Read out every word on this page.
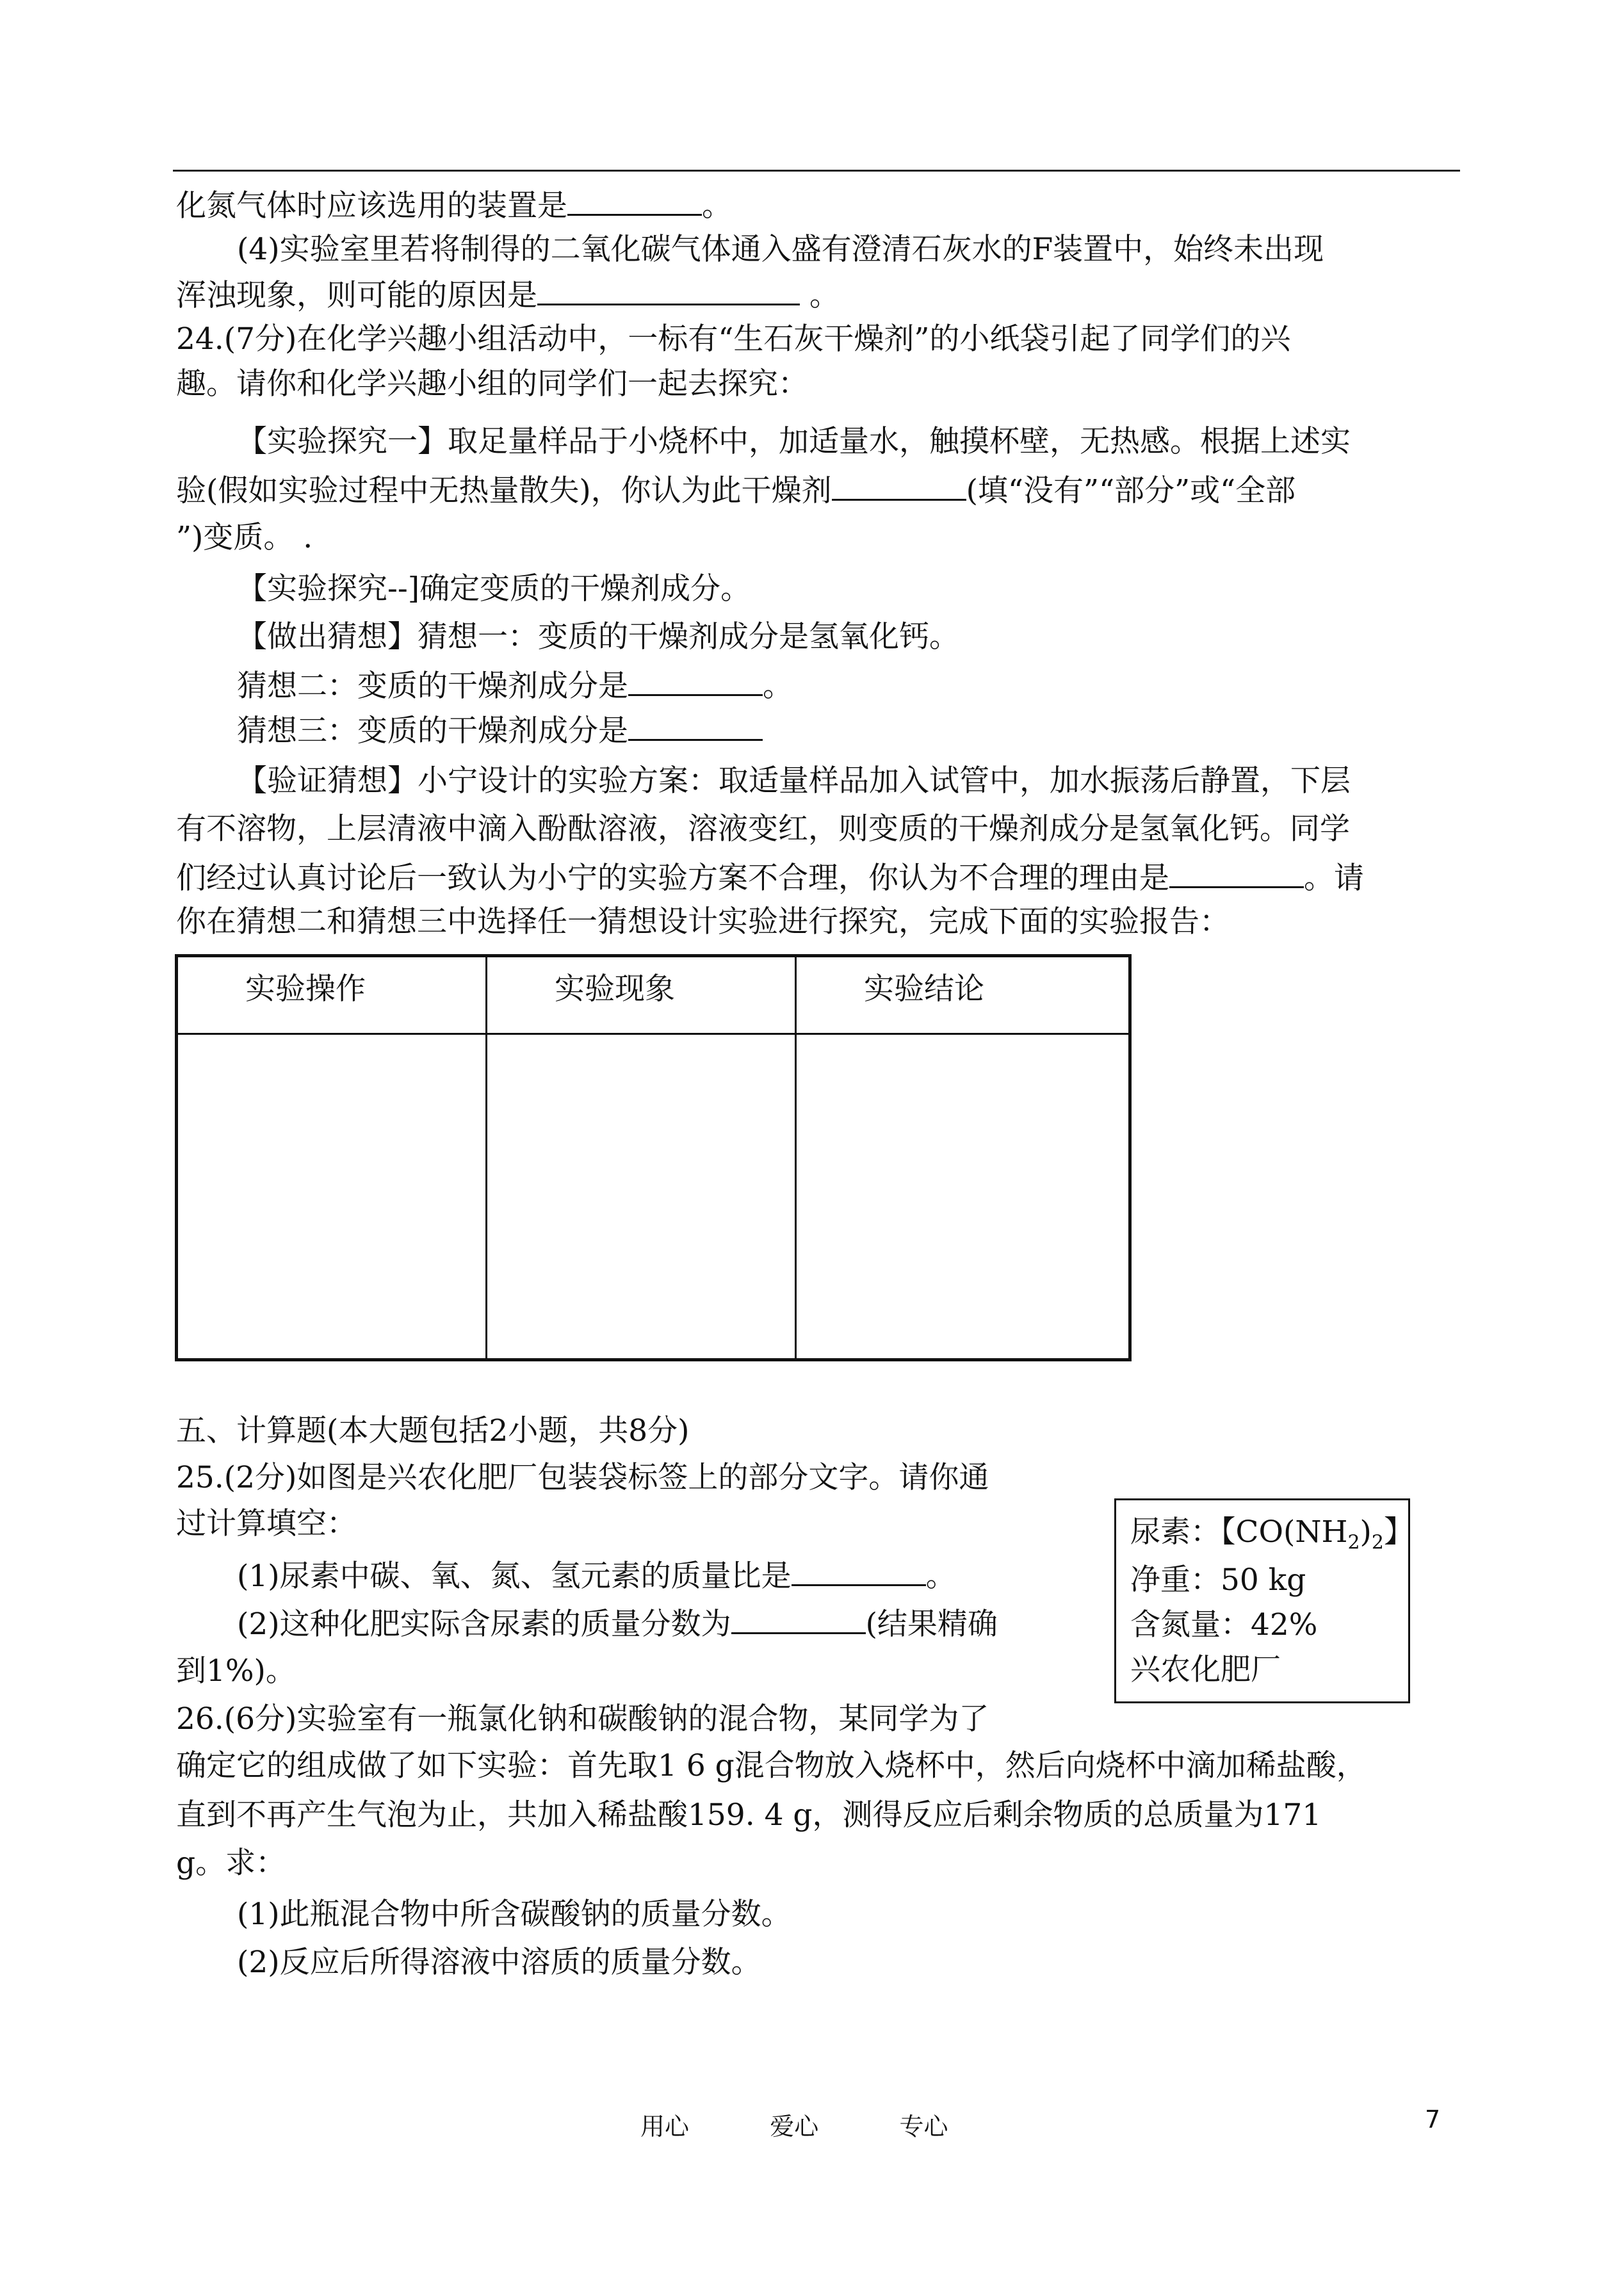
化氮气体时应该选用的装置是	。
(4)实验室里若将制得的二氧化碳气体通入盛有澄清石灰水的F装置中，始终未出现
浑浊现象，则可能的原因是	。
24.(7分)在化学兴趣小组活动中，一标有“生石灰干燥剂”的小纸袋引起了同学们的兴
趣。请你和化学兴趣小组的同学们一起去探究：
【实验探究一】取足量样品于小烧杯中，加适量水，触摸杯壁，无热感。根据上述实
验(假如实验过程中无热量散失)，你认为此干燥剂	(填“没有”“部分”或“全部
”)变质。 .
【实验探究--]确定变质的干燥剂成分。
【做出猜想】猜想一：变质的干燥剂成分是氢氧化钙。
猜想二：变质的干燥剂成分是	。
猜想三：变质的干燥剂成分是
【验证猜想】小宁设计的实验方案：取适量样品加入试管中，加水振荡后静置，下层
有不溶物，上层清液中滴入酚酞溶液，溶液变红，则变质的干燥剂成分是氢氧化钙。同学
们经过认真讨论后一致认为小宁的实验方案不合理，你认为不合理的理由是	。请
你在猜想二和猜想三中选择任一猜想设计实验进行探究，完成下面的实验报告：
实验操作	实验现象	实验结论

五、计算题(本大题包括2小题，共8分)
25.(2分)如图是兴农化肥厂包装袋标签上的部分文字。请你通
过计算填空：
(1)尿素中碳、氧、氮、氢元素的质量比是	。
(2)这种化肥实际含尿素的质量分数为	(结果精确
到1%)。
尿素：【$CO(NH_2)_2$】
净重：50 kg
含氮量：42%
兴农化肥厂
26.(6分)实验室有一瓶氯化钠和碳酸钠的混合物，某同学为了
确定它的组成做了如下实验：首先取1 6 g混合物放入烧杯中，然后向烧杯中滴加稀盐酸，
直到不再产生气泡为止，共加入稀盐酸159. 4 g，测得反应后剩余物质的总质量为171
g。求：
(1)此瓶混合物中所含碳酸钠的质量分数。
(2)反应后所得溶液中溶质的质量分数。
用心   爱心   专心	7
